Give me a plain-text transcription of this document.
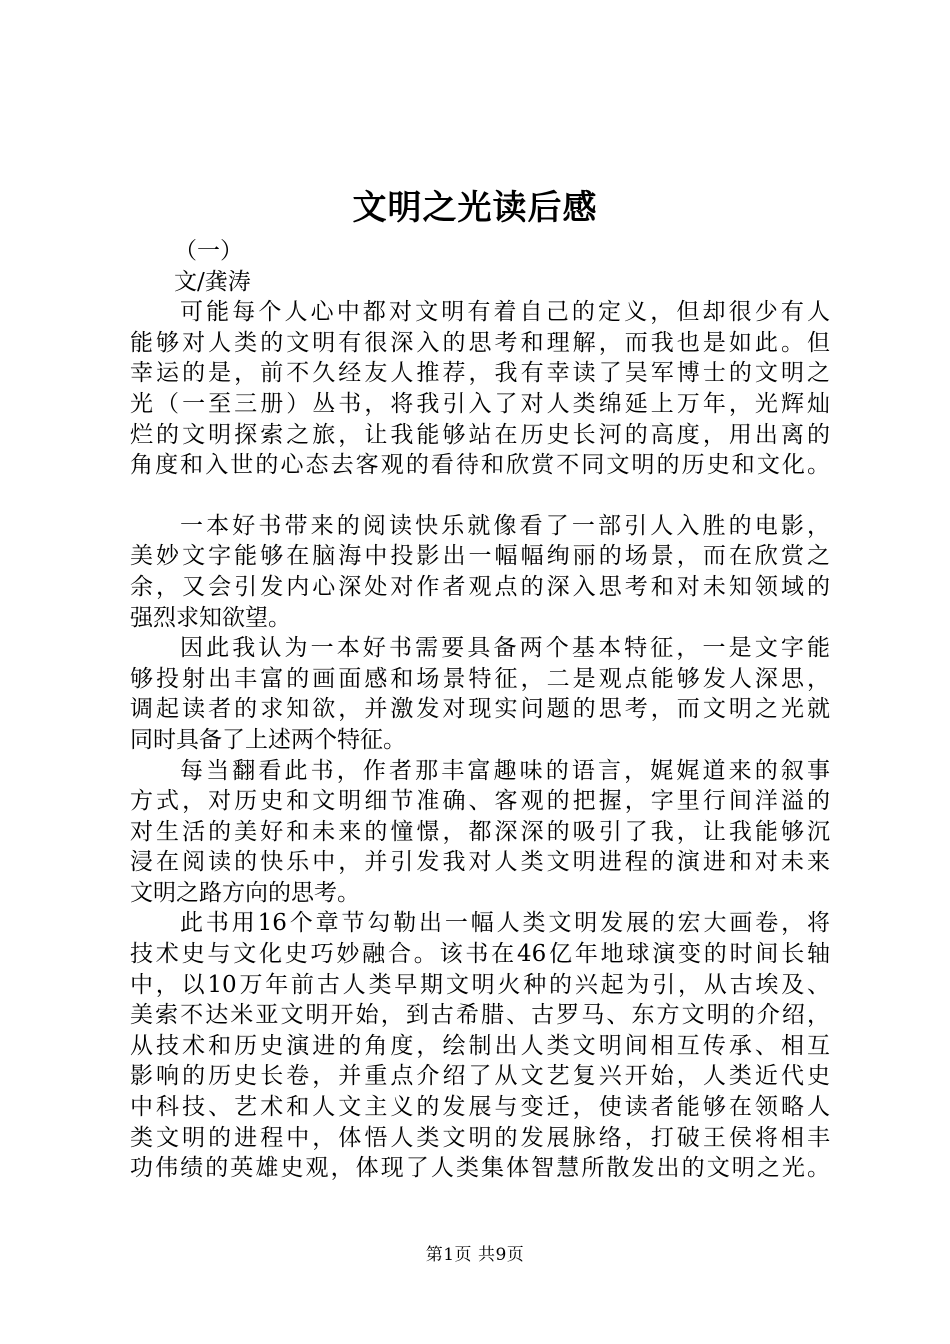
文明之光读后感
（一）
文/龚涛
可能每个人心中都对文明有着自己的定义，但却很少有人
能够对人类的文明有很深入的思考和理解，而我也是如此。但
幸运的是，前不久经友人推荐，我有幸读了吴军博士的文明之
光（一至三册）丛书，将我引入了对人类绵延上万年，光辉灿
烂的文明探索之旅，让我能够站在历史长河的高度，用出离的
角度和入世的心态去客观的看待和欣赏不同文明的历史和文化。
一本好书带来的阅读快乐就像看了一部引人入胜的电影，
美妙文字能够在脑海中投影出一幅幅绚丽的场景，而在欣赏之
余，又会引发内心深处对作者观点的深入思考和对未知领域的
强烈求知欲望。
因此我认为一本好书需要具备两个基本特征，一是文字能
够投射出丰富的画面感和场景特征，二是观点能够发人深思，
调起读者的求知欲，并激发对现实问题的思考，而文明之光就
同时具备了上述两个特征。
每当翻看此书，作者那丰富趣味的语言，娓娓道来的叙事
方式，对历史和文明细节准确、客观的把握，字里行间洋溢的
对生活的美好和未来的憧憬，都深深的吸引了我，让我能够沉
浸在阅读的快乐中，并引发我对人类文明进程的演进和对未来
文明之路方向的思考。
此书用16个章节勾勒出一幅人类文明发展的宏大画卷，将
技术史与文化史巧妙融合。该书在46亿年地球演变的时间长轴
中，以10万年前古人类早期文明火种的兴起为引，从古埃及、
美索不达米亚文明开始，到古希腊、古罗马、东方文明的介绍，
从技术和历史演进的角度，绘制出人类文明间相互传承、相互
影响的历史长卷，并重点介绍了从文艺复兴开始，人类近代史
中科技、艺术和人文主义的发展与变迁，使读者能够在领略人
类文明的进程中，体悟人类文明的发展脉络，打破王侯将相丰
功伟绩的英雄史观，体现了人类集体智慧所散发出的文明之光。
第1页 共9页
